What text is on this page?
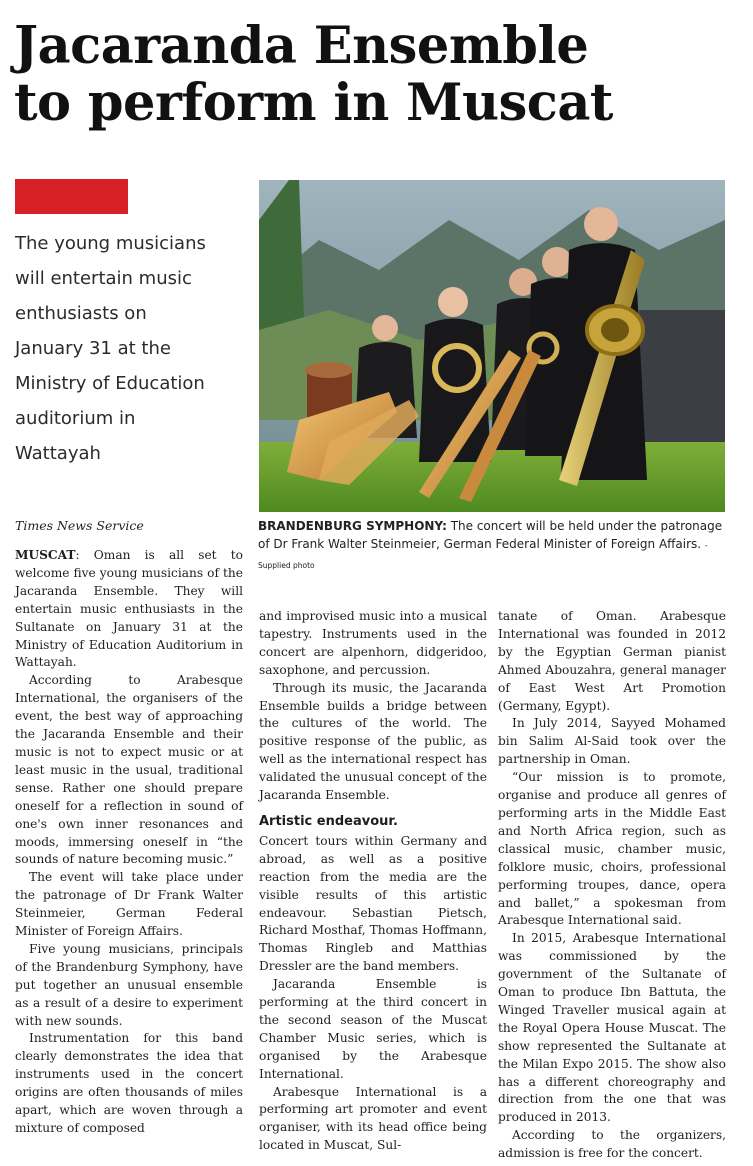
Jacaranda Ensemble
to perform in Muscat

The young musicians
will entertain music
enthusiasts on
January 31 at the
Ministry of Education
auditorium in
Wattayah

Times News Service	BRANDENBURG SYMPHONY: The concert will be held under the patronage of Dr Frank Walter Steinmeier, German Federal Minister of Foreign Affairs. -Supplied photo

MUSCAT: Oman is all set to welcome five young musicians of the Jacaranda Ensemble. They will entertain music enthusiasts in the Sultanate on January 31 at the Ministry of Education Auditorium in Wattayah.

According to Arabesque International, the organisers of the event, the best way of approaching the Jacaranda Ensemble and their music is not to expect music or at least music in the usual, traditional sense. Rather one should prepare oneself for a reflection in sound of one's own inner resonances and moods, immersing oneself in “the sounds of nature becoming music.”

The event will take place under the patronage of Dr Frank Walter Steinmeier, German Federal Minister of Foreign Affairs.

Five young musicians, principals of the Brandenburg Symphony, have put together an unusual ensemble as a result of a desire to experiment with new sounds.

Instrumentation for this band clearly demonstrates the idea that instruments used in the concert origins are often thousands of miles apart, which are woven through a mixture of composed

and improvised music into a musical tapestry. Instruments used in the concert are alpenhorn, didgeridoo, saxophone, and percussion.

Through its music, the Jacaranda Ensemble builds a bridge between the cultures of the world. The positive response of the public, as well as the international respect has validated the unusual concept of the Jacaranda Ensemble.

Artistic endeavour.

Concert tours within Germany and abroad, as well as a positive reaction from the media are the visible results of this artistic endeavour. Sebastian Pietsch, Richard Mosthaf, Thomas Hoffmann, Thomas Ringleb and Matthias Dressler are the band members.

Jacaranda Ensemble is performing at the third concert in the second season of the Muscat Chamber Music series, which is organised by the Arabesque International.

Arabesque International is a performing art promoter and event organiser, with its head office being located in Muscat, Sul-

tanate of Oman. Arabesque International was founded in 2012 by the Egyptian German pianist Ahmed Abouzahra, general manager of East West Art Promotion (Germany, Egypt).

In July 2014, Sayyed Mohamed bin Salim Al-Said took over the partnership in Oman.

“Our mission is to promote, organise and produce all genres of performing arts in the Middle East and North Africa region, such as classical music, chamber music, folklore music, choirs, professional performing troupes, dance, opera and ballet,” a spokesman from Arabesque International said.

In 2015, Arabesque International was commissioned by the government of the Sultanate of Oman to produce Ibn Battuta, the Winged Traveller musical again at the Royal Opera House Muscat. The show represented the Sultanate at the Milan Expo 2015. The show also has a different choreography and direction from the one that was produced in 2013.

According to the organizers, admission is free for the concert.
